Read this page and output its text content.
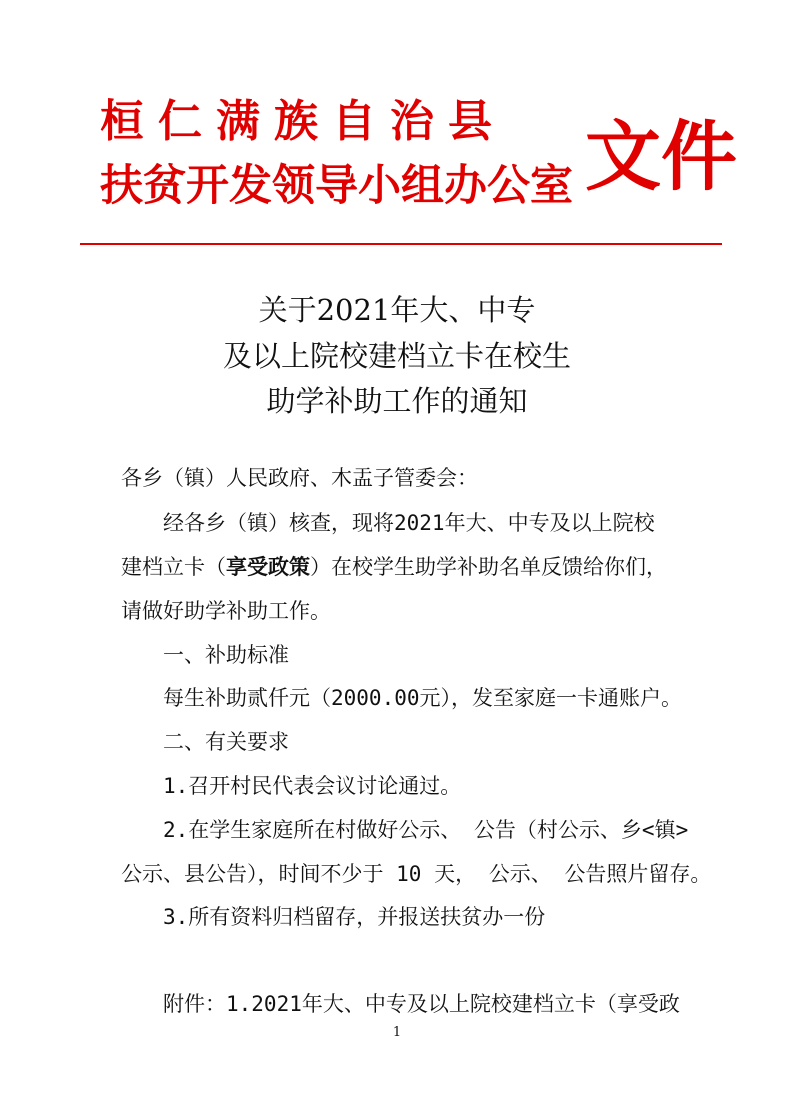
桓仁满族自治县
扶贫开发领导小组办公室 文件
关于2021年大、中专
及以上院校建档立卡在校生
助学补助工作的通知
各乡（镇）人民政府、木盂子管委会：
经各乡（镇）核查，现将2021年大、中专及以上院校
建档立卡（享受政策）在校学生助学补助名单反馈给你们，
请做好助学补助工作。
一、补助标准
每生补助贰仟元（2000.00元），发至家庭一卡通账户。
二、有关要求
1.召开村民代表会议讨论通过。
2.在学生家庭所在村做好公示、 公告（村公示、乡<镇>
公示、县公告），时间不少于 10 天， 公示、 公告照片留存。
3.所有资料归档留存，并报送扶贫办一份
附件：1.2021年大、中专及以上院校建档立卡（享受政
1
